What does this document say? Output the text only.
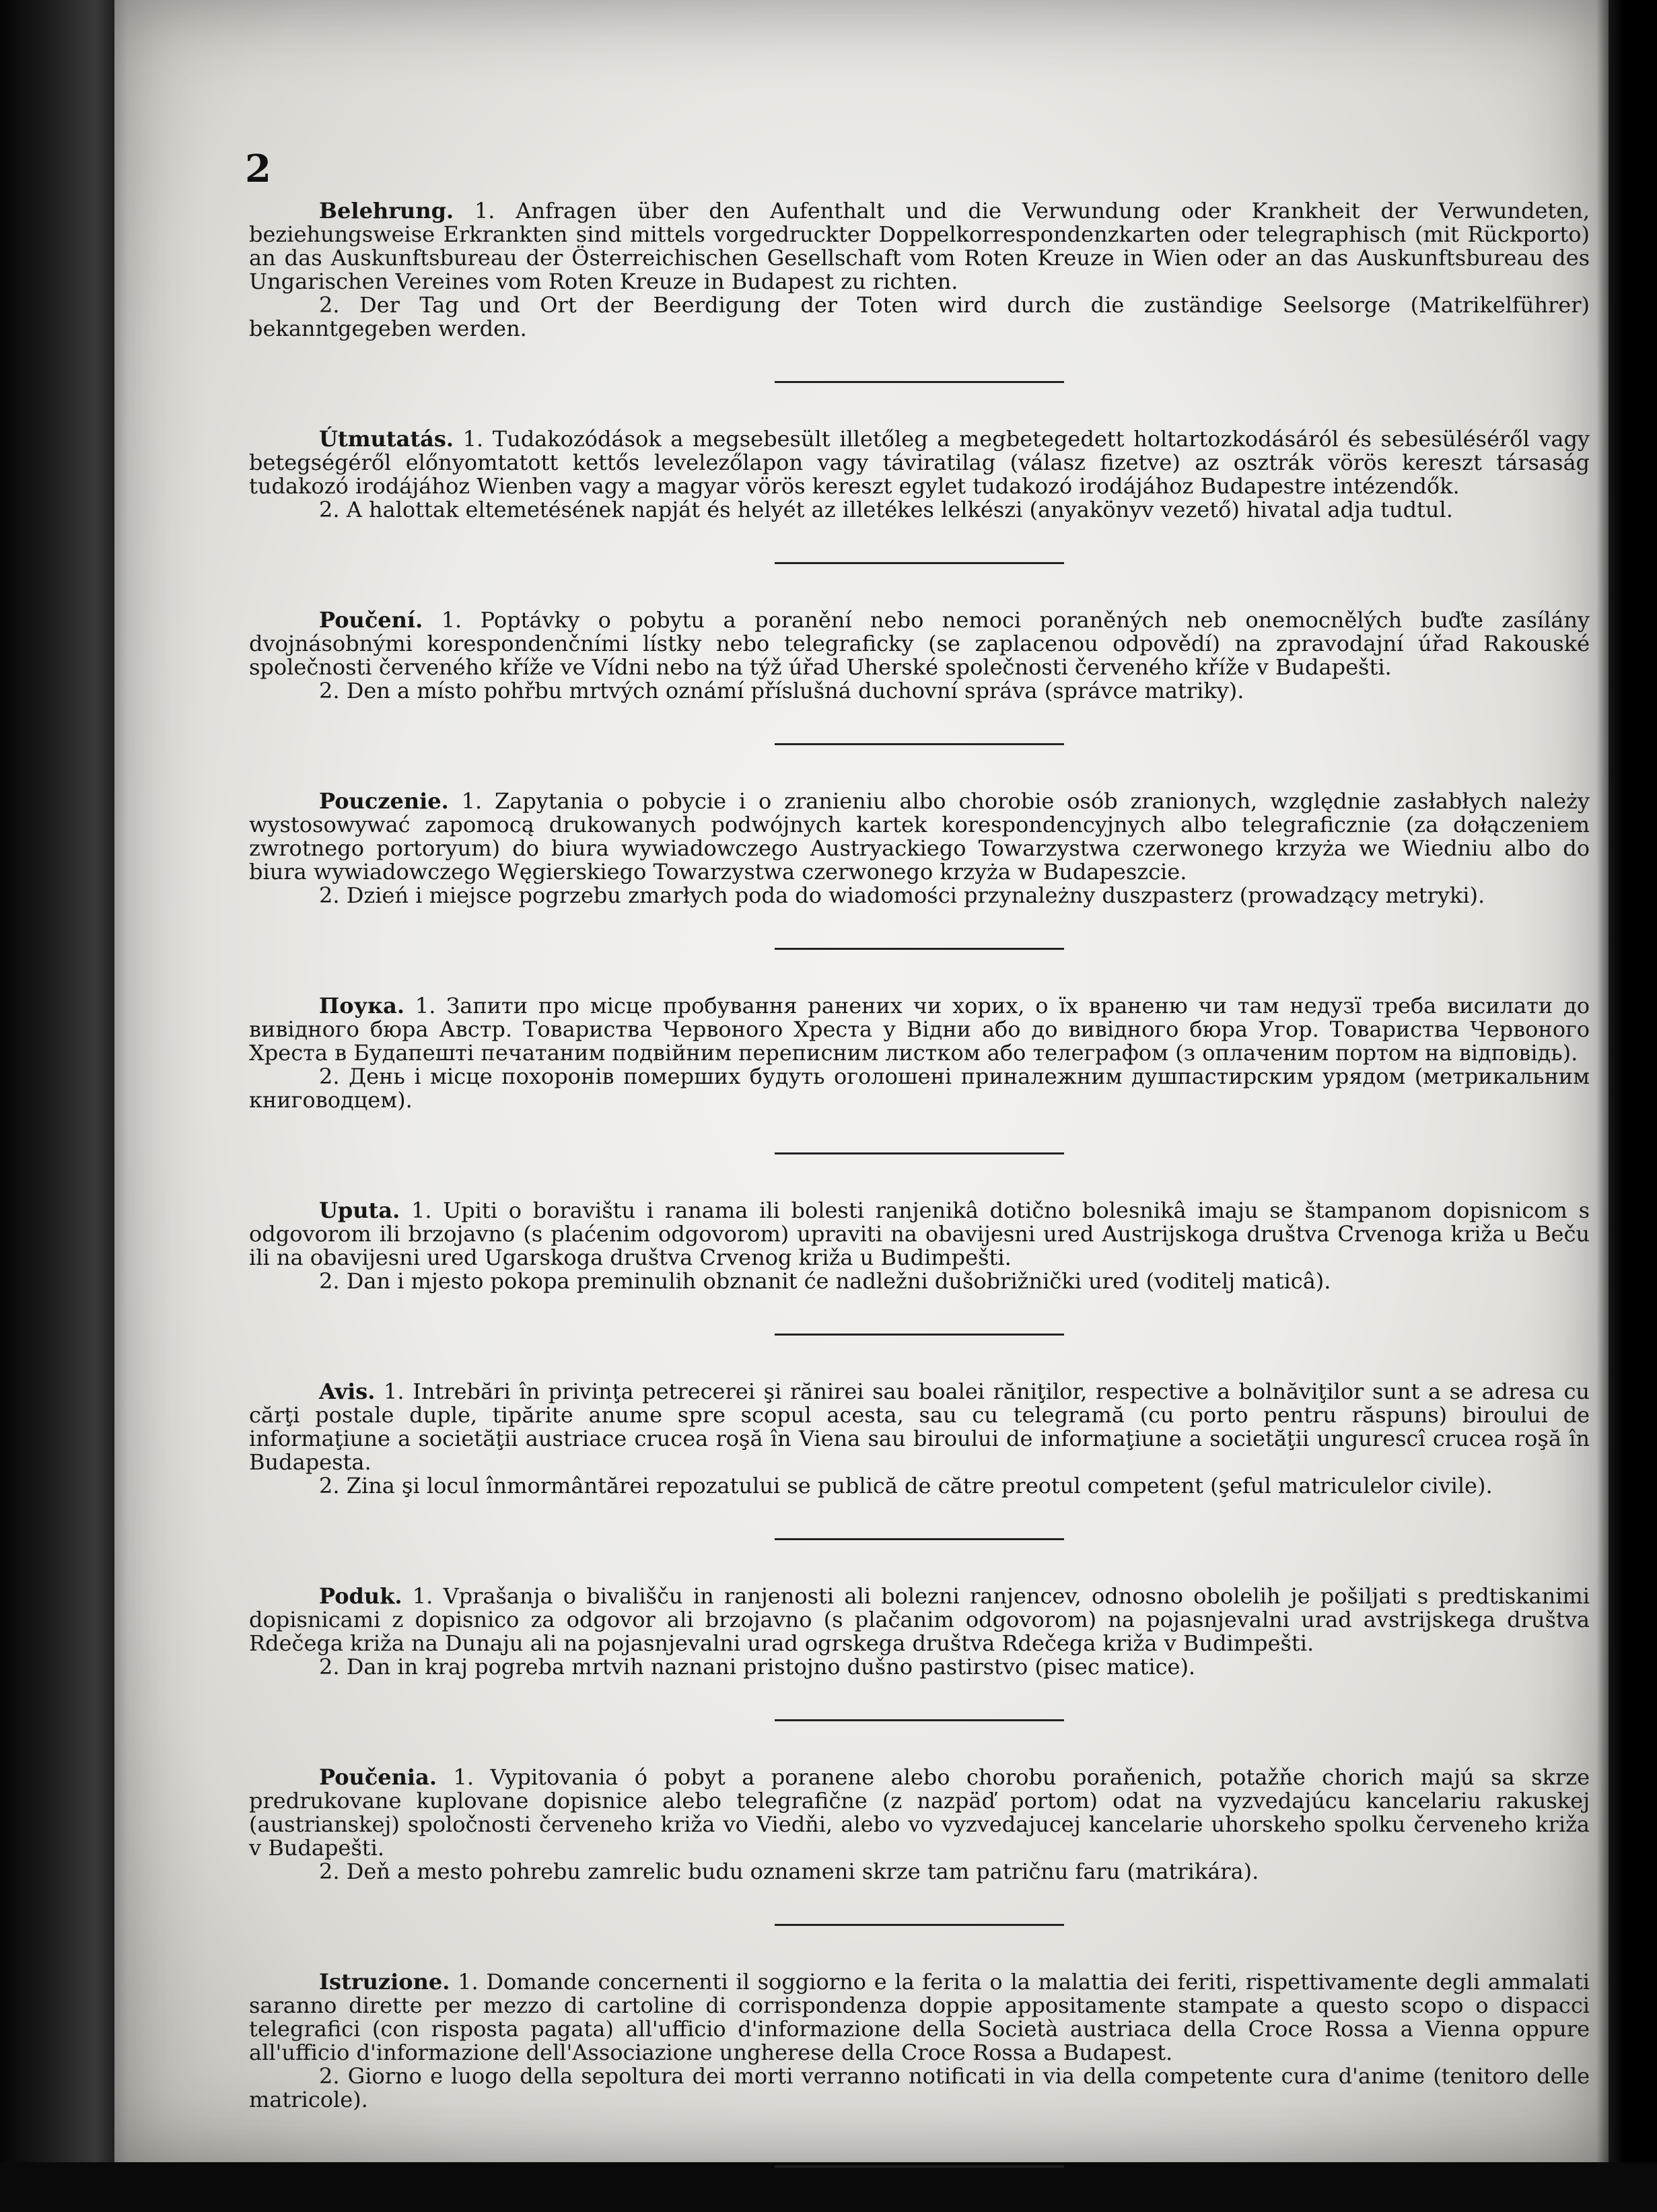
2

Belehrung. 1. Anfragen über den Aufenthalt und die Verwundung oder Krankheit der Verwundeten, beziehungsweise Erkrankten sind mittels vorgedruckter Doppelkorrespondenzkarten oder telegraphisch (mit Rückporto) an das Auskunftsbureau der Österreichischen Gesellschaft vom Roten Kreuze in Wien oder an das Auskunftsbureau des Ungarischen Vereines vom Roten Kreuze in Budapest zu richten.

2. Der Tag und Ort der Beerdigung der Toten wird durch die zuständige Seelsorge (Matrikelführer) bekanntgegeben werden.

Útmutatás. 1. Tudakozódások a megsebesült illetőleg a megbetegedett holtartozkodásáról és sebesüléséről vagy betegségéről előnyomtatott kettős levelezőlapon vagy táviratilag (válasz fizetve) az osztrák vörös kereszt társaság tudakozó irodájához Wienben vagy a magyar vörös kereszt egylet tudakozó irodájához Budapestre intézendők.

2. A halottak eltemetésének napját és helyét az illetékes lelkészi (anyakönyv vezető) hivatal adja tudtul.

Poučení. 1. Poptávky o pobytu a poranění nebo nemoci poraněných neb onemocnělých buďte zasílány dvojnásobnými korespondenčními lístky nebo telegraficky (se zaplacenou odpovědí) na zpravodajní úřad Rakouské společnosti červeného kříže ve Vídni nebo na týž úřad Uherské společnosti červeného kříže v Budapešti.

2. Den a místo pohřbu mrtvých oznámí příslušná duchovní správa (správce matriky).

Pouczenie. 1. Zapytania o pobycie i o zranieniu albo chorobie osób zranionych, względnie zasłabłych należy wystosowywać zapomocą drukowanych podwójnych kartek korespondencyjnych albo telegraficznie (za dołączeniem zwrotnego portoryum) do biura wywiadowczego Austryackiego Towarzystwa czerwonego krzyża we Wiedniu albo do biura wywiadowczego Węgierskiego Towarzystwa czerwonego krzyża w Budapeszcie.

2. Dzień i miejsce pogrzebu zmarłych poda do wiadomości przynależny duszpasterz (prowadzący metryki).

Поука. 1. Запити про місце пробування ранених чи хорих, о їх враненю чи там недузї треба висилати до вивідного бюра Австр. Товариства Червоного Хреста у Відни або до вивідного бюра Угор. Товариства Червоного Хреста в Будапешті печатаним подвійним переписним листком або телеграфом (з оплаченим портом на відповідь).

2. День і місце похоронів померших будуть оголошені приналежним душпастирским урядом (метрикальним книговодцем).

Uputa. 1. Upiti o boravištu i ranama ili bolesti ranjenikâ dotično bolesnikâ imaju se štampanom dopisnicom s odgovorom ili brzojavno (s plaćenim odgovorom) upraviti na obavijesni ured Austrijskoga društva Crvenoga križa u Beču ili na obavijesni ured Ugarskoga društva Crvenog križa u Budimpešti.

2. Dan i mjesto pokopa preminulih obznanit će nadležni dušobrižnički ured (voditelj maticâ).

Avis. 1. Intrebări în privinţa petrecerei şi rănirei sau boalei răniţilor, respective a bolnăviţilor sunt a se adresa cu cărţi postale duple, tipărite anume spre scopul acesta, sau cu telegramă (cu porto pentru răspuns) biroului de informaţiune a societăţii austriace crucea roşă în Viena sau biroului de informaţiune a societăţii ungurescî crucea roşă în Budapesta.

2. Zina şi locul înmormântărei repozatului se publică de către preotul competent (şeful matriculelor civile).

Poduk. 1. Vprašanja o bivališču in ranjenosti ali bolezni ranjencev, odnosno obolelih je pošiljati s predtiskanimi dopisnicami z dopisnico za odgovor ali brzojavno (s plačanim odgovorom) na pojasnjevalni urad avstrijskega društva Rdečega križa na Dunaju ali na pojasnjevalni urad ogrskega društva Rdečega križa v Budimpešti.

2. Dan in kraj pogreba mrtvih naznani pristojno dušno pastirstvo (pisec matice).

Poučenia. 1. Vypitovania ó pobyt a poranene alebo chorobu poraňenich, potažňe chorich majú sa skrze predrukovane kuplovane dopisnice alebo telegrafične (z nazpäď portom) odat na vyzvedajúcu kancelariu rakuskej (austrianskej) spoločnosti červeneho križa vo Viedňi, alebo vo vyzvedajucej kancelarie uhorskeho spolku červeneho križa v Budapešti.

2. Deň a mesto pohrebu zamrelic budu oznameni skrze tam patričnu faru (matrikára).

Istruzione. 1. Domande concernenti il soggiorno e la ferita o la malattia dei feriti, rispettivamente degli ammalati saranno dirette per mezzo di cartoline di corrispondenza doppie appositamente stampate a questo scopo o dispacci telegrafici (con risposta pagata) all'ufficio d'informazione della Società austriaca della Croce Rossa a Vienna oppure all'ufficio d'informazione dell'Associazione ungherese della Croce Rossa a Budapest.

2. Giorno e luogo della sepoltura dei morti verranno notificati in via della competente cura d'anime (tenitoro delle matricole).
